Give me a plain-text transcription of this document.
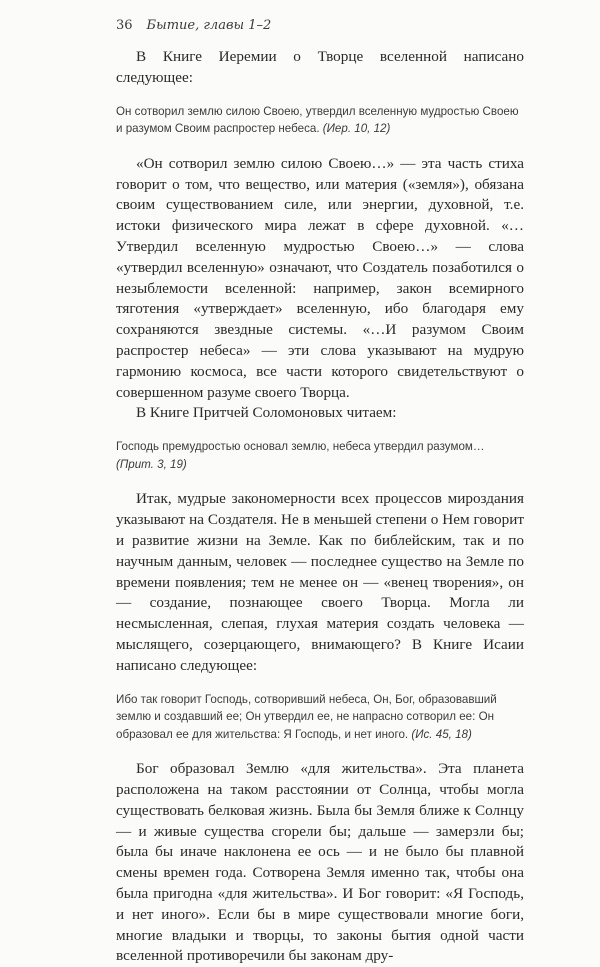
36 Бытие, главы 1–2

В Книге Иеремии о Творце вселенной написано следующее:

Он сотворил землю силою Своею, утвердил вселенную мудростью Своею и разумом Своим распростер небеса. (Иер. 10, 12)

«Он сотворил землю силою Своею…» — эта часть стиха говорит о том, что вещество, или материя («земля»), обязана своим существованием силе, или энергии, духовной, т.е. истоки физического мира лежат в сфере духовной. «…Утвердил вселенную мудростью Своею…» — слова «утвердил вселенную» означают, что Создатель позаботился о незыблемости вселенной: например, закон всемирного тяготения «утверждает» вселенную, ибо благодаря ему сохраняются звездные системы. «…И разумом Своим распростер небеса» — эти слова указывают на мудрую гармонию космоса, все части которого свидетельствуют о совершенном разуме своего Творца.

В Книге Притчей Соломоновых читаем:

Господь премудростью основал землю, небеса утвердил разумом… (Прит. 3, 19)

Итак, мудрые закономерности всех процессов мироздания указывают на Создателя. Не в меньшей степени о Нем говорит и развитие жизни на Земле. Как по библейским, так и по научным данным, человек — последнее существо на Земле по времени появления; тем не менее он — «венец творения», он — создание, познающее своего Творца. Могла ли несмысленная, слепая, глухая материя создать человека — мыслящего, созерцающего, внимающего? В Книге Исаии написано следующее:

Ибо так говорит Господь, сотворивший небеса, Он, Бог, образовавший землю и создавший ее; Он утвердил ее, не напрасно сотворил ее: Он образовал ее для жительства: Я Господь, и нет иного. (Ис. 45, 18)

Бог образовал Землю «для жительства». Эта планета расположена на таком расстоянии от Солнца, чтобы могла существовать белковая жизнь. Была бы Земля ближе к Солнцу — и живые существа сгорели бы; дальше — замерзли бы; была бы иначе наклонена ее ось — и не было бы плавной смены времен года. Сотворена Земля именно так, чтобы она была пригодна «для жительства». И Бог говорит: «Я Господь, и нет иного». Если бы в мире существовали многие боги, многие владыки и творцы, то законы бытия одной части вселенной противоречили бы законам дру-
